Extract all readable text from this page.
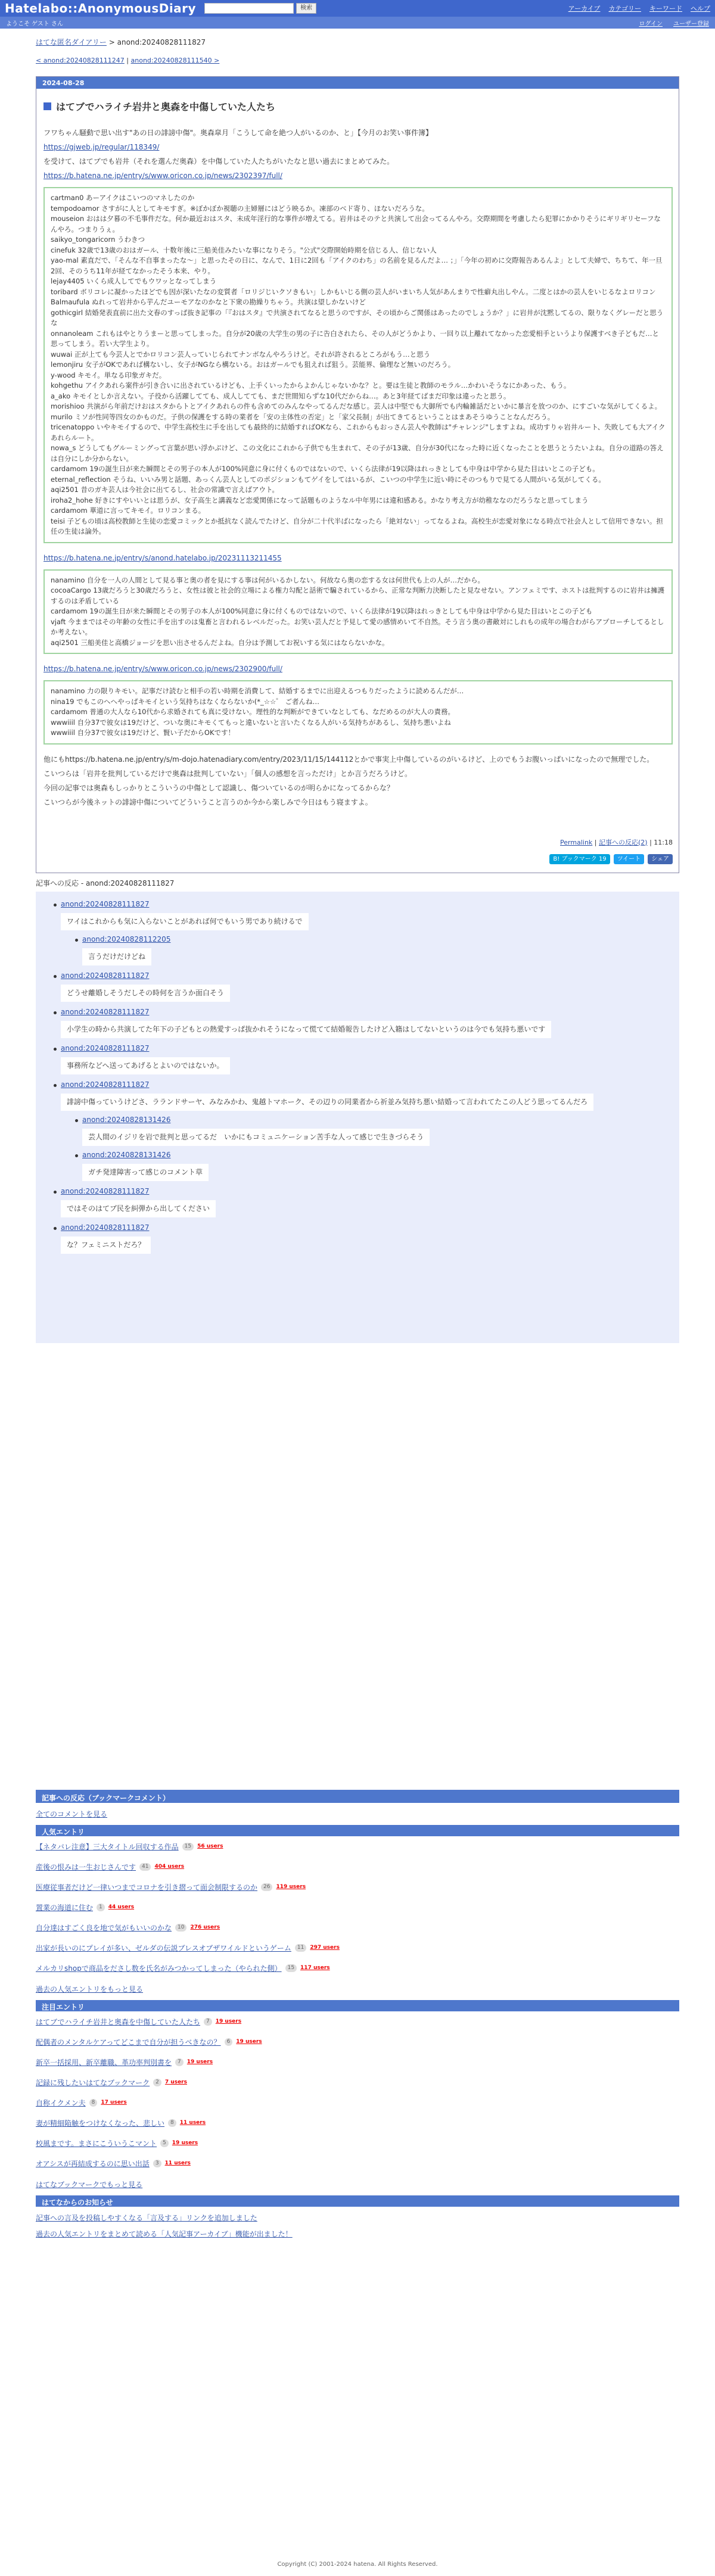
Hatelabo::AnonymousDiary	検索	アーカイブ カテゴリー キーワード ヘルプ
ようこそ ゲスト さん	ログイン ユーザー登録
はてな匿名ダイアリー > anond:20240828111827
< anond:20240828111247 | anond:20240828111540 >
2024-08-28
はてブでハライチ岩井と奥森を中傷していた人たち

フワちゃん騒動で思い出す"あの日の誹謗中傷"。奥森皐月「こうして命を絶つ人がいるのか、と」【今月のお笑い事件簿】

https://gjweb.jp/regular/118349/

を受けて、はてブでも岩井（それを選んだ奥森）を中傷していた人たちがいたなと思い過去にまとめてみた。

https://b.hatena.ne.jp/entry/s/www.oricon.co.jp/news/2302397/full/

cartman0 あーアイクはこいつのマネしたのか
tempodoamor さすがに人としてキモすぎ。※ぼかぼか視聴の主婦層にはどう映るか。凍部のベド寄り、ほないだろうな。
mouseion おはは夕暮の不毛事件だな。何か最近おはスタ、未成年淫行的な事件が増えてる。岩井はそのテと共演して出会ってるんやろ。交際期間を考慮したら犯罪にかかりそうにギリギリセーフなんやろ。つまりうぇ。
saikyo_tongaricorn うわきつ
cinefuk 32歳で13歳のおはガール、十数年後に三船美佳みたいな事になりそう。"公式"交際開始時期を信じる人、信じない人
yao-mal 素直だで、「そんな不自事まったな～」と思ったその日に、なんで、1日に2回も「アイクのわち」の名前を見るんだよ… ；」「今年の初めに交際報告あるんよ」として夫婦で、ちちて、年一旦2回、そのうち11年が経てなかったそう本来、やり。
lejay4405 いくら成人してでもウワッとなってしまう
toribard ボリコレに凝かったほどでも因が深いたなの変質者「ロリジじいクソきもい」しかもいじる側の芸人がいまいち人気があんまりで性癖丸出しやん。二度とはかの芸人をいじるなよロリコン
Balmaufula ぬれって岩井から芋んだユーモアなのかなと下衆の勘繰りちゃう。共演は望しかないけど
gothicgirl 結婚発表直前に出た文春のすっぱ抜き記事の「『おはスタ』で共演されてなると思うのですが、その頃からご関係はあったのでしょうか？」に岩井が沈黙してるの、限りなくグレーだと思うな
onnanoleam これもはやとりうまーと思ってしまった。自分が20歳の大学生の男の子に告白されたら、その人がどうかより、一回り以上離れてなかった恋愛相手というより保護すべき子どもだ…と思ってしまう。若い大学生より。
wuwai 正が上ても今芸人とでかロリコン芸人っていじられてナンボなんやろうけど。それが許されるところがもう…と思う
lemonjiru 女子がOKであれば構ないし、女子がNGなら構ないる。おはガールでも狙えれば狙う。芸能界、倫理など無いのだろう。
y-wood キモイ。単なる印象ガキだ。
kohgethu アイクあれら案件が引き合いに出されているけども、上手くいったからよかんじゃないかな？と。要は生徒と教師のモラル…かわいそうなにかあった、もう。
a_ako キモイとしか言えない。子役から活躍してても、成人してても、まだ世間知らずな10代だからね…。あと3年経てばまだ印象は違ったと思う。
morishioo 共演がら年前だけおはスタからトとアイクあれらの件も含めてのみんなやってるんだな感じ。芸人は中堅でも大御所でも内輪雑話だといかに暴言を放つのか、にすごいな気がしてくるよ。
murilo ミソが性同等四女のかものだ。子供の保護をする時の業者を「安の主体性の否定」と「家父長制」が出てきてるということはまあそうゆうことなんだろう。
tricenatoppo いやキモイするので、中学生高校生に手を出しても最終的に結婚すればOKなら、これからもおっさん芸人や教師は"チャレンジ"しますよね。成功すりゃ岩井ルート、失敗しても大アイクあれらルート。
nowa_s どうしてもグルーミングって言葉が思い浮かぶけど、この文化にこれから子供でも生まれて、その子が13歳、自分が30代になった時に近くなったことを思うとうたいよね。自分の道路の答えは自分にしか分からない。
cardamom 19の誕生日が来た瞬間とその男子の本人が100%同意に身に付くものではないので、いくら法律が19以降はれっきとしても中身は中学から見た目はいとこの子ども。
eternal_reflection そうね、いいみ男と話題、あっくん芸人としてのポジションもてゲイをしてはいるが、こいつの中学生に近い時にそのつもりで見てる人間がいる気がしてくる。
aqi2501 昔のガキ芸人は今社会に出てるし、社会の常識で言えばアウト。
iroha2_hohe 好きにすやいいとは思うが、女子高生と講義など恋愛関係になって話題ものようなル中年男には違和感ある。かなり考え方が幼稚ななのだろうなと思ってしまう
cardamom 華道に言ってキモイ。ロリコンまる。
teisi 子どもの頃は高校教師と生徒の恋愛コミックとか抵抗なく読んでたけど、自分が二十代半ばになったら「絶対ない」ってなるよね。高校生が恋愛対象になる時点で社会人として信用できない。担任の生徒は論外。

https://b.hatena.ne.jp/entry/s/anond.hatelabo.jp/20231113211455

nanamino 自分を一人の人間として見る事と奥の者を見にする事は何がいるかしない。何故なら奥の恋する女は何世代も上の人が…だから。
cocoaCargo 13歳だろうと30歳だろうと、女性は彼と社会的立場による権力勾配と話術で騙されているから、正常な判断力決断したと見なせない。アンフェミです、ホストは批判するのに岩井は擁護するのは矛盾している
cardamom 19の誕生日が来た瞬間とその男子の本人が100%同意に身に付くものではないので、いくら法律が19以降はれっきとしても中身は中学から見た目はいとこの子ども
vjaft 今ままではその年齢の女性に手を出すのは鬼畜と言われるレベルだった。お笑い芸人だと予見して愛の感情めいて不自然。そう言う奥の書敵対にしれもの成年の場合わがらアプローチしてるとしか考えない。
aqi2501 三船美佳と高橋ジョージを思い出させるんだよね。自分は予測してお祝いする気にはならないかな。

https://b.hatena.ne.jp/entry/s/www.oricon.co.jp/news/2302900/full/

nanamino 力の限りキモい。記事だけ読むと相手の若い時期を消費して、結婚するまでに出迎えるつもりだったように読めるんだが…
nina19 でもこのへへやっぱキモイという気持ちはなくならないか(*_☆☆゜ ご者んね…
cardamom 普通の大人なら10代から求婚されても真に受けない。理性的な判断ができていなとしても、なだめるのが大人の責務。
wwwiiil 自分37で彼女は19だけど、ついな奥にキモくてもっと違いないと言いたくなる人がいる気持ちがあるし、気持ち悪いよね
wwwiiil 自分37で彼女は19だけど、賢い子だからOKです！

他にもhttps://b.hatena.ne.jp/entry/s/m-dojo.hatenadiary.com/entry/2023/11/15/144112とかで事実上中傷しているのがいるけど、上のでもうお腹いっぱいになったので無理でした。

こいつらは「岩井を批判しているだけで奥森は批判していない」「個人の感想を言っただけ」とか言うだろうけど。

今回の記事では奥森もしっかりとこういうの中傷として認識し、傷ついているのが明らかになってるからな？

こいつらが今後ネットの誹謗中傷についてどういうこと言うのか今から楽しみで今日はもう寝ますよ。

Permalink | 記事への反応(2) | 11:18
B! ブックマーク 19	ツイート	シェア
記事への反応 - anond:20240828111827
anond:20240828111827
ワイはこれからも気に入らないことがあれば何でもいう男であり続けるで
anond:20240828112205
言うだけだけどね
anond:20240828111827
どうせ離婚しそうだしその時何を言うか面白そう
anond:20240828111827
小学生の時から共演してた年下の子どもとの熱愛すっぱ抜かれそうになって慌てて結婚報告したけど入籍はしてないというのは今でも気持ち悪いです
anond:20240828111827
事務所などへ送ってあげるとよいのではないか。
anond:20240828111827
誹謗中傷っていうけどさ、ラランドサーヤ、みなみかわ、鬼越トマホーク、その辺りの同業者から祈並み気持ち悪い結婚って言われてたこの人どう思ってるんだろ
anond:20240828131426
芸人間のイジリを岩で批判と思ってるだ　いかにもコミュニケーション苦手な人って感じで生きづらそう
anond:20240828131426
ガチ発達障害って感じのコメント草
anond:20240828111827
ではそのはてブ民を糾弾から出してください
anond:20240828111827
な？フェミニストだろ？
記事への反応（ブックマークコメント）
全てのコメントを見る
人気エントリ
【ネタバレ注意】三大タイトル回収する作品	15	56 users
産後の恨みは一生おじさんです	41	404 users
医療従事者だけど一律いつまでコロナを引き摺って面会制限するのか	26	119 users
置業の海道に住む	1	44 users
自分達はすごく良を地で気がもいいのかな	10	276 users
出家が長いのにプレイが多い、ゼルダの伝説ブレスオブザワイルドというゲーム	11	297 users
メルカリshopで商品をださし数を氏名がみつかってしまった（やられた側）	15	117 users
過去の人気エントリをもっと見る
注目エントリ
はてブでハライチ岩井と奥森を中傷していた人たち	7	19 users
配偶者のメンタルケアってどこまで自分が担うべきなの？	6	19 users
新卒一括採用、新卒離職、革功率判別書を	7	19 users
記録に残したいはてなブックマーク	2	7 users
自称イクメン夫	8	17 users
妻が精細陥触をつけなくなった、悲しい	8	11 users
校風まです。まさにこういうこマント	5	19 users
オアシスが再結成するのに思い出話	3	11 users
はてなブックマークでもっと見る
はてなからのお知らせ
記事への言及を投稿しやすくなる「言及する」リンクを追加しました
過去の人気エントリをまとめて読める「人気記事アーカイブ」機能が出ました！
Copyright (C) 2001-2024 hatena. All Rights Reserved.
